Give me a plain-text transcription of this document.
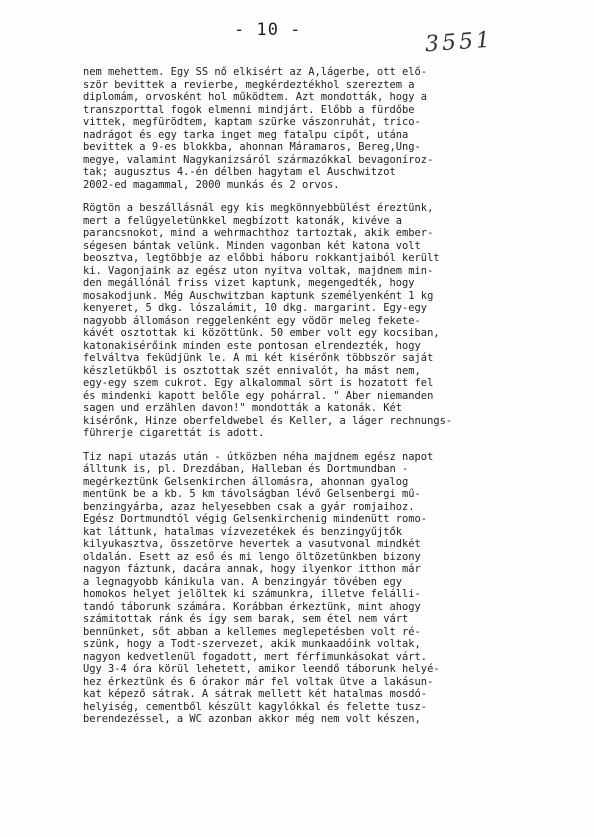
- 10 -	3551
nem mehettem. Egy SS nő elkisért az A,lágerbe, ott elő-
ször bevittek a revierbe, megkérdeztékhol szereztem a
diplomám, orvosként hol működtem. Azt mondották, hogy a
transzporttal fogok elmenni mindjárt. Előbb a fürdőbe
vittek, megfürödtem, kaptam szürke vászonruhát, trico-
nadrágot és egy tarka inget meg fatalpu cipőt, utána
bevittek a 9-es blokkba, ahonnan Máramaros, Bereg,Ung-
megye, valamint Nagykanizsáról származókkal bevagoníroz-
tak; augusztus 4.-én délben hagytam el Auschwitzot
2002-ed magammal, 2000 munkás és 2 orvos.
Rögtön a beszállásnál egy kis megkönnyebbülést éreztünk,
mert a felügyeletünkkel megbízott katonák, kivéve a
parancsnokot, mind a wehrmachthoz tartoztak, akik ember-
ségesen bántak velünk. Minden vagonban két katona volt
beosztva, legtöbbje az előbbi háboru rokkantjaiból került
ki. Vagonjaink az egész uton nyitva voltak, majdnem min-
den megállónál friss vizet kaptunk, megengedték, hogy
mosakodjunk. Még Auschwitzban kaptunk személyenként 1 kg
kenyeret, 5 dkg. lószalámit, 10 dkg. margarint. Egy-egy
nagyobb állomáson reggelenként egy vödör meleg fekete-
kávét osztottak ki közöttünk. 50 ember volt egy kocsiban,
katonakisérőink minden este pontosan elrendezték, hogy
felváltva feküdjünk le. A mi két kisérőnk többször saját
készletükből is osztottak szét ennivalót, ha mást nem,
egy-egy szem cukrot. Egy alkalommal sört is hozatott fel
és mindenki kapott belőle egy pohárral. " Aber niemanden
sagen und erzählen davon!" mondották a katonák. Két
kisérőnk, Hinze oberfeldwebel és Keller, a láger rechnungs-
führerje cigarettát is adott.
Tiz napi utazás után - útközben néha majdnem egész napot
álltunk is, pl. Drezdában, Halleban és Dortmundban -
megérkeztünk Gelsenkirchen állomásra, ahonnan gyalog
mentünk be a kb. 5 km távolságban lévő Gelsenbergi mű-
benzingyárba, azaz helyesebben csak a gyár romjaihoz.
Egész Dortmundtól végig Gelsenkirchenig mindenütt romo-
kat láttunk, hatalmas vízvezetékek és benzingyűjtők
kilyukasztva, összetörve hevertek a vasutvonal mindkét
oldalán. Esett az eső és mi lengo öltözetünkben bizony
nagyon fáztunk, dacára annak, hogy ilyenkor itthon már
a legnagyobb kánikula van. A benzingyár tövében egy
homokos helyet jelöltek ki számunkra, illetve felálli-
tandó táborunk számára. Korábban érkeztünk, mint ahogy
számitottak ránk és így sem barak, sem étel nem várt
bennünket, sőt abban a kellemes meglepetésben volt ré-
szünk, hogy a Todt-szervezet, akik munkaadóink voltak,
nagyon kedvetlenül fogadott, mert férfimunkásokat várt.
Úgy 3-4 óra körül lehetett, amikor leendő táborunk helyé-
hez érkeztünk és 6 órakor már fel voltak ütve a lakásun-
kat képező sátrak. A sátrak mellett két hatalmas mosdó-
helyiség, cementből készült kagylókkal és felette tusz-
berendezéssel, a WC azonban akkor még nem volt készen,
